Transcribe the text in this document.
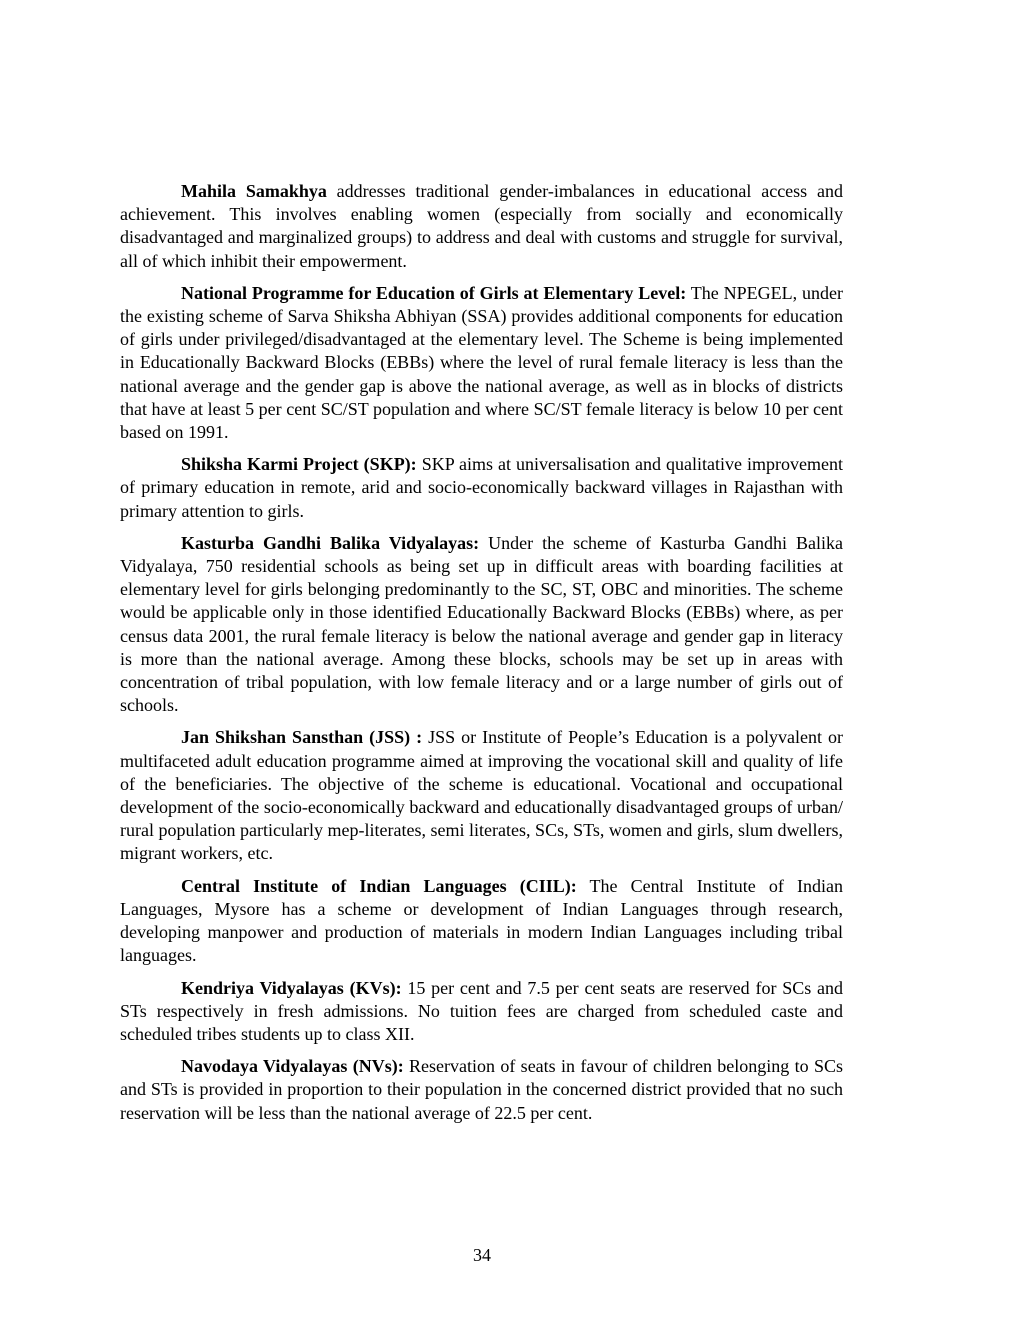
Mahila Samakhya addresses traditional gender-imbalances in educational access and achievement. This involves enabling women (especially from socially and economically disadvantaged and marginalized groups) to address and deal with customs and struggle for survival, all of which inhibit their empowerment.

National Programme for Education of Girls at Elementary Level: The NPEGEL, under the existing scheme of Sarva Shiksha Abhiyan (SSA) provides additional components for education of girls under privileged/disadvantaged at the elementary level. The Scheme is being implemented in Educationally Backward Blocks (EBBs) where the level of rural female literacy is less than the national average and the gender gap is above the national average, as well as in blocks of districts that have at least 5 per cent SC/ST population and where SC/ST female literacy is below 10 per cent based on 1991.

Shiksha Karmi Project (SKP): SKP aims at universalisation and qualitative improvement of primary education in remote, arid and socio-economically backward villages in Rajasthan with primary attention to girls.

Kasturba Gandhi Balika Vidyalayas: Under the scheme of Kasturba Gandhi Balika Vidyalaya, 750 residential schools as being set up in difficult areas with boarding facilities at elementary level for girls belonging predominantly to the SC, ST, OBC and minorities. The scheme would be applicable only in those identified Educationally Backward Blocks (EBBs) where, as per census data 2001, the rural female literacy is below the national average and gender gap in literacy is more than the national average. Among these blocks, schools may be set up in areas with concentration of tribal population, with low female literacy and or a large number of girls out of schools.

Jan Shikshan Sansthan (JSS) : JSS or Institute of People’s Education is a polyvalent or multifaceted adult education programme aimed at improving the vocational skill and quality of life of the beneficiaries. The objective of the scheme is educational. Vocational and occupational development of the socio-economically backward and educationally disadvantaged groups of urban/ rural population particularly mep-literates, semi literates, SCs, STs, women and girls, slum dwellers, migrant workers, etc.

Central Institute of Indian Languages (CIIL): The Central Institute of Indian Languages, Mysore has a scheme or development of Indian Languages through research, developing manpower and production of materials in modern Indian Languages including tribal languages.

Kendriya Vidyalayas (KVs): 15 per cent and 7.5 per cent seats are reserved for SCs and STs respectively in fresh admissions. No tuition fees are charged from scheduled caste and scheduled tribes students up to class XII.

Navodaya Vidyalayas (NVs): Reservation of seats in favour of children belonging to SCs and STs is provided in proportion to their population in the concerned district provided that no such reservation will be less than the national average of 22.5 per cent.

34
